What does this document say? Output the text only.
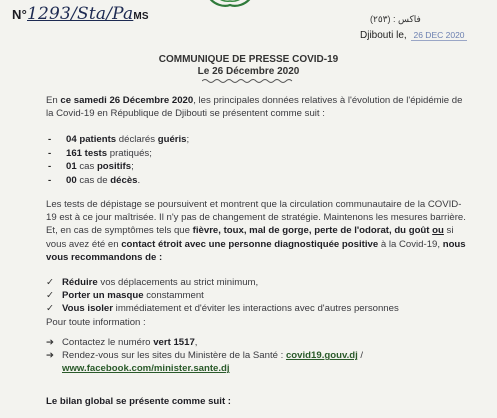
N°1293/Sta/PaMS	فاكس : (٢٥٣)
Djibouti le, 26 DEC 2020
COMMUNIQUE DE PRESSE COVID-19
Le 26 Décembre 2020
En ce samedi 26 Décembre 2020, les principales données relatives à l'évolution de l'épidémie de la Covid-19 en République de Djibouti se présentent comme suit :
- 04 patients déclarés guéris;
- 161 tests pratiqués;
- 01 cas positifs;
- 00 cas de décès.
Les tests de dépistage se poursuivent et montrent que la circulation communautaire de la COVID-19 est à ce jour maîtrisée. Il n'y pas de changement de stratégie. Maintenons les mesures barrière. Et, en cas de symptômes tels que fièvre, toux, mal de gorge, perte de l'odorat, du goût ou si vous avez été en contact étroit avec une personne diagnostiquée positive à la Covid-19, nous vous recommandons de :
✓ Réduire vos déplacements au strict minimum,
✓ Porter un masque constamment
✓ Vous isoler immédiatement et d'éviter les interactions avec d'autres personnes
Pour toute information :
➔ Contactez le numéro vert 1517,
➔ Rendez-vous sur les sites du Ministère de la Santé : covid19.gouv.dj /
www.facebook.com/minister.sante.dj
Le bilan global se présente comme suit :
